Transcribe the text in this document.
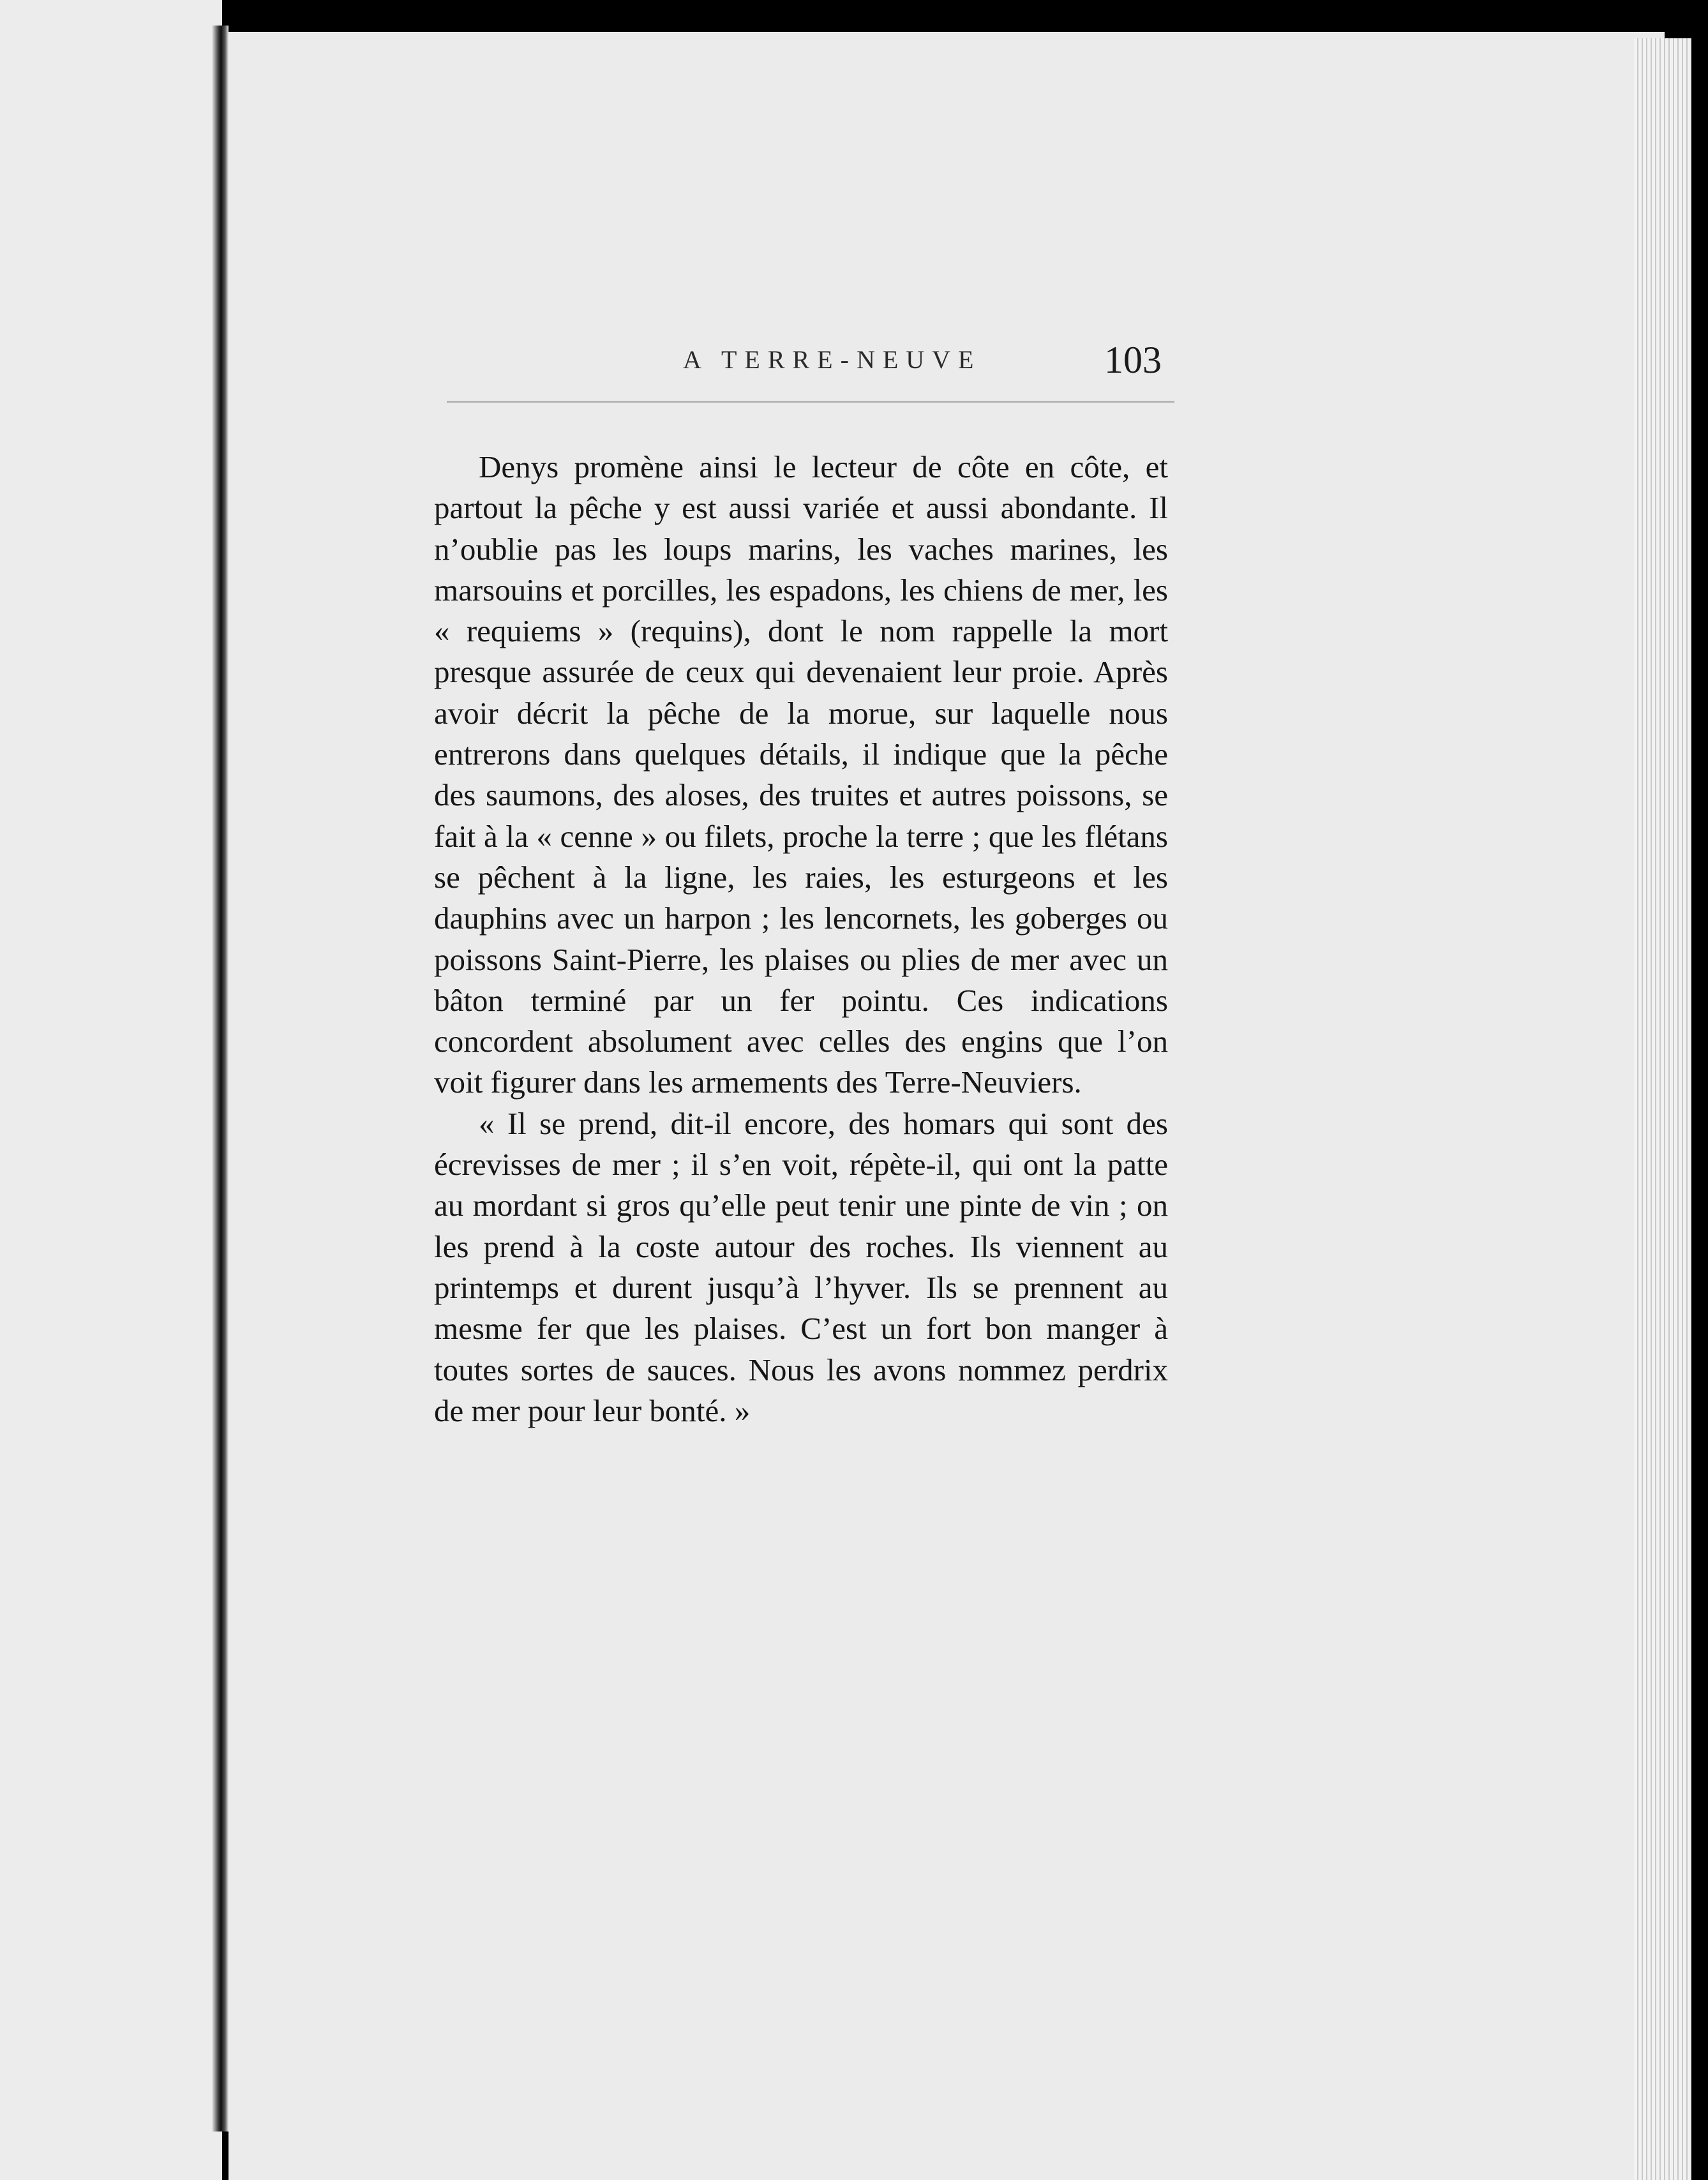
A TERRE-NEUVE	103

Denys promène ainsi le lecteur de côte en côte, et partout la pêche y est aussi variée et aussi abondante. Il n’oublie pas les loups marins, les vaches marines, les marsouins et porcilles, les espadons, les chiens de mer, les « requiems » (requins), dont le nom rappelle la mort presque assurée de ceux qui devenaient leur proie. Après avoir décrit la pêche de la morue, sur laquelle nous entrerons dans quelques détails, il indique que la pêche des saumons, des aloses, des truites et autres poissons, se fait à la « cenne » ou filets, proche la terre ; que les flétans se pêchent à la ligne, les raies, les esturgeons et les dauphins avec un harpon ; les lencornets, les goberges ou poissons Saint-Pierre, les plaises ou plies de mer avec un bâton terminé par un fer pointu. Ces indications concordent absolument avec celles des engins que l’on voit figurer dans les armements des Terre-Neuviers.

« Il se prend, dit-il encore, des homars qui sont des écrevisses de mer ; il s’en voit, répète-il, qui ont la patte au mordant si gros qu’elle peut tenir une pinte de vin ; on les prend à la coste autour des roches. Ils viennent au printemps et durent jusqu’à l’hyver. Ils se prennent au mesme fer que les plaises. C’est un fort bon manger à toutes sortes de sauces. Nous les avons nommez perdrix de mer pour leur bonté. »
